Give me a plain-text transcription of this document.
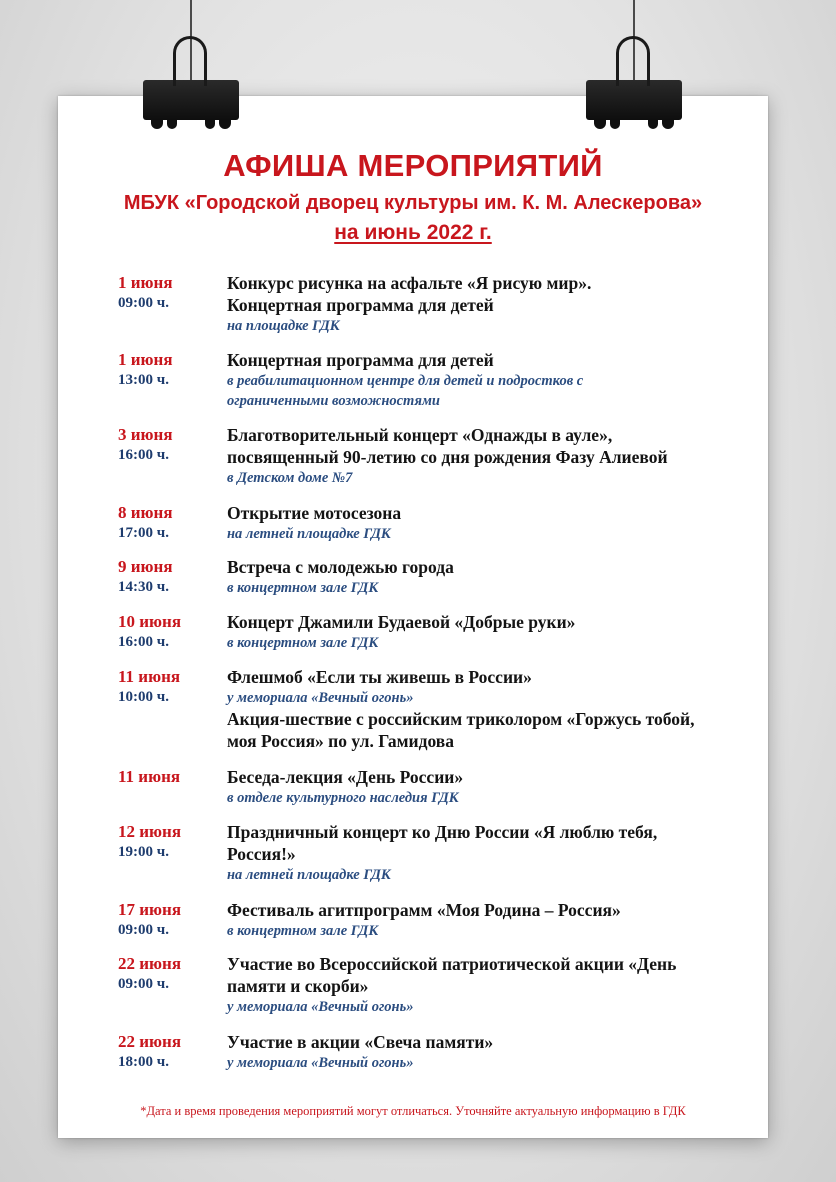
АФИША МЕРОПРИЯТИЙ
МБУК «Городской дворец культуры им. К. М. Алескерова»
на июнь 2022 г.
1 июня
09:00 ч.
Конкурс рисунка на асфальте «Я рисую мир».
Концертная программа для детей
на площадке ГДК
1 июня
13:00 ч.
Концертная программа для детей
в реабилитационном центре для детей и подростков с
ограниченными возможностями
3 июня
16:00 ч.
Благотворительный концерт «Однажды в ауле»,
посвященный 90-летию со дня рождения Фазу Алиевой
в Детском доме №7
8 июня
17:00 ч.
Открытие мотосезона
на летней площадке ГДК
9 июня
14:30 ч.
Встреча с молодежью города
в концертном зале ГДК
10 июня
16:00 ч.
Концерт Джамили Будаевой «Добрые руки»
в концертном зале ГДК
11 июня
10:00 ч.
Флешмоб «Если ты живешь в России»
у мемориала «Вечный огонь»
Акция-шествие с российским триколором «Горжусь тобой,
моя Россия» по ул. Гамидова
11 июня	Беседа-лекция «День России»
в отделе культурного наследия ГДК
12 июня
19:00 ч.
Праздничный концерт ко Дню России «Я люблю тебя,
Россия!»
на летней площадке ГДК
17 июня
09:00 ч.
Фестиваль агитпрограмм «Моя Родина – Россия»
в концертном зале ГДК
22 июня
09:00 ч.
Участие во Всероссийской патриотической акции «День
памяти и скорби»
у мемориала «Вечный огонь»
22 июня
18:00 ч.
Участие в акции «Свеча памяти»
у мемориала «Вечный огонь»
*Дата и время проведения мероприятий могут отличаться. Уточняйте актуальную информацию в ГДК
